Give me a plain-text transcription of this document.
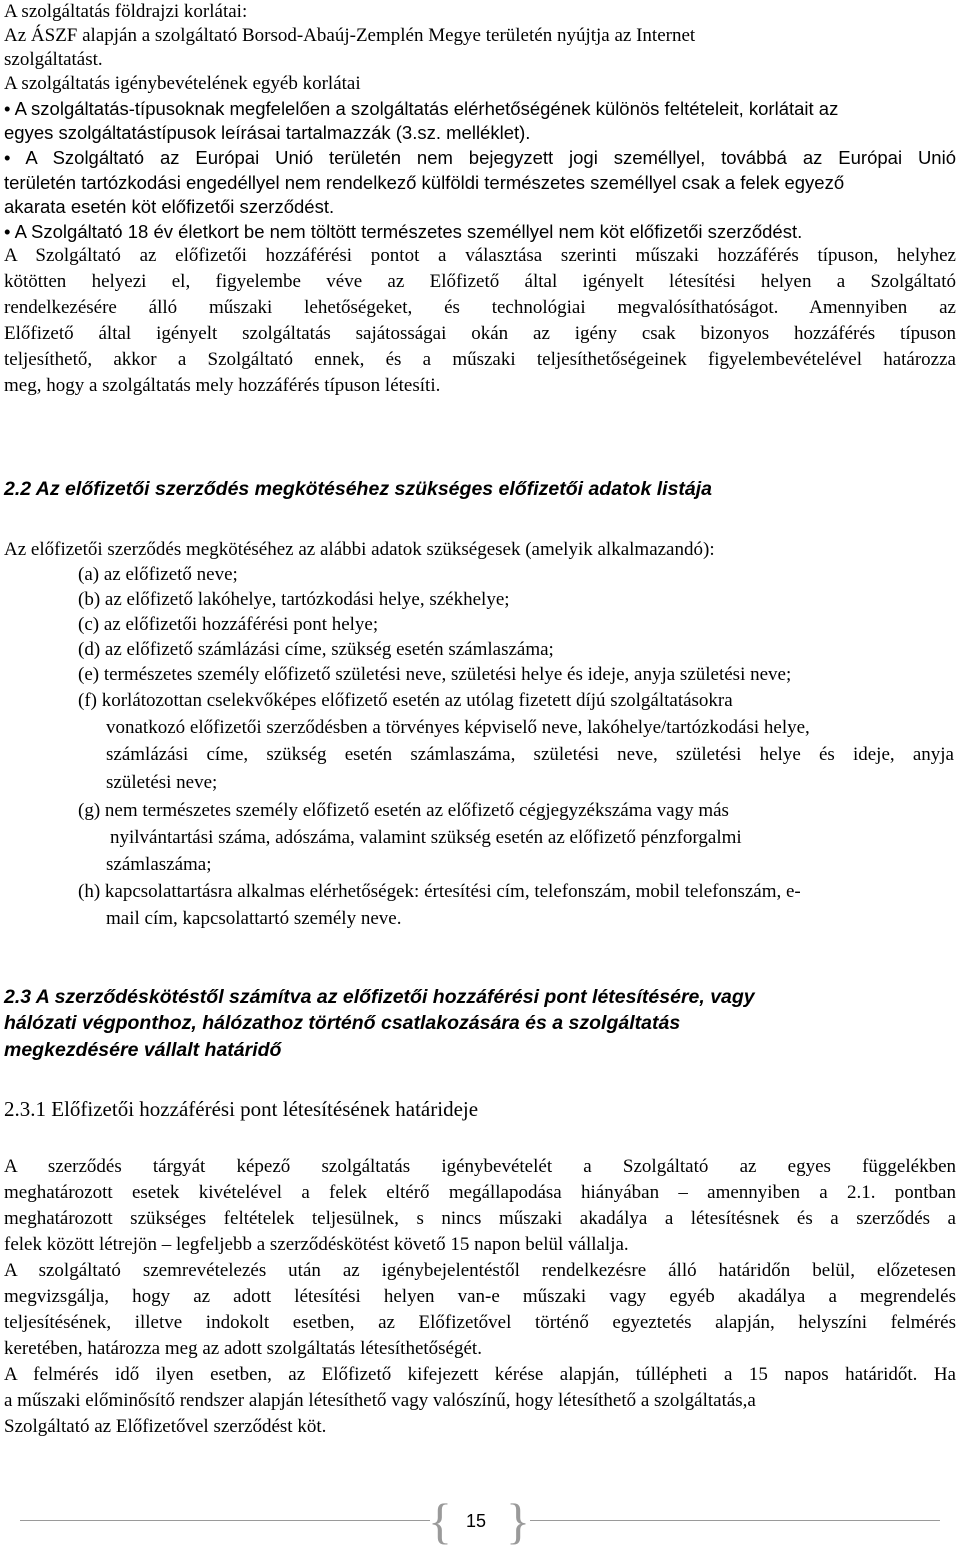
A szolgáltatás földrajzi korlátai:
Az ÁSZF alapján a szolgáltató Borsod-Abaúj-Zemplén Megye területén nyújtja az Internet
szolgáltatást.
A szolgáltatás igénybevételének egyéb korlátai
• A szolgáltatás-típusoknak megfelelően a szolgáltatás elérhetőségének különös feltételeit, korlátait az
egyes szolgáltatástípusok leírásai tartalmazzák (3.sz. melléklet).
• A Szolgáltató az Európai Unió területén nem bejegyzett jogi személlyel, továbbá az Európai Unió
területén tartózkodási engedéllyel nem rendelkező külföldi természetes személlyel csak a felek egyező
akarata esetén köt előfizetői szerződést.
• A Szolgáltató 18 év életkort be nem töltött természetes személlyel nem köt előfizetői szerződést.
A Szolgáltató az előfizetői hozzáférési pontot a választása szerinti műszaki hozzáférés típuson, helyhez
kötötten helyezi el, figyelembe véve az Előfizető által igényelt létesítési helyen a Szolgáltató
rendelkezésére álló műszaki lehetőségeket, és technológiai megvalósíthatóságot. Amennyiben az
Előfizető által igényelt szolgáltatás sajátosságai okán az igény csak bizonyos hozzáférés típuson
teljesíthető, akkor a Szolgáltató ennek, és a műszaki teljesíthetőségeinek figyelembevételével határozza
meg, hogy a szolgáltatás mely hozzáférés típuson létesíti.
2.2 Az előfizetői szerződés megkötéséhez szükséges előfizetői adatok listája
Az előfizetői szerződés megkötéséhez az alábbi adatok szükségesek (amelyik alkalmazandó):
(a) az előfizető neve;
(b) az előfizető lakóhelye, tartózkodási helye, székhelye;
(c) az előfizetői hozzáférési pont helye;
(d) az előfizető számlázási címe, szükség esetén számlaszáma;
(e) természetes személy előfizető születési neve, születési helye és ideje, anyja születési neve;
(f) korlátozottan cselekvőképes előfizető esetén az utólag fizetett díjú szolgáltatásokra
vonatkozó előfizetői szerződésben a törvényes képviselő neve, lakóhelye/tartózkodási helye,
számlázási címe, szükség esetén számlaszáma, születési neve, születési helye és ideje, anyja
születési neve;
(g) nem természetes személy előfizető esetén az előfizető cégjegyzékszáma vagy más
nyilvántartási száma, adószáma, valamint szükség esetén az előfizető pénzforgalmi
számlaszáma;
(h) kapcsolattartásra alkalmas elérhetőségek: értesítési cím, telefonszám, mobil telefonszám, e-
mail cím, kapcsolattartó személy neve.
2.3 A szerződéskötéstől számítva az előfizetői hozzáférési pont létesítésére, vagy
hálózati végponthoz, hálózathoz történő csatlakozására és a szolgáltatás
megkezdésére vállalt határidő
2.3.1 Előfizetői hozzáférési pont létesítésének határideje
A szerződés tárgyát képező szolgáltatás igénybevételét a Szolgáltató az egyes függelékben
meghatározott esetek kivételével a felek eltérő megállapodása hiányában – amennyiben a 2.1. pontban
meghatározott szükséges feltételek teljesülnek, s nincs műszaki akadálya a létesítésnek és a szerződés a
felek között létrejön – legfeljebb a szerződéskötést követő 15 napon belül vállalja.
A szolgáltató szemrevételezés után az igénybejelentéstől rendelkezésre álló határidőn belül, előzetesen
megvizsgálja, hogy az adott létesítési helyen van-e műszaki vagy egyéb akadálya a megrendelés
teljesítésének, illetve indokolt esetben, az Előfizetővel történő egyeztetés alapján, helyszíni felmérés
keretében, határozza meg az adott szolgáltatás létesíthetőségét.
A felmérés idő ilyen esetben, az Előfizető kifejezett kérése alapján, túllépheti a 15 napos határidőt. Ha
a műszaki előminősítő rendszer alapján létesíthető vagy valószínű, hogy létesíthető a szolgáltatás,a
Szolgáltató az Előfizetővel szerződést köt.
{ 15 }
